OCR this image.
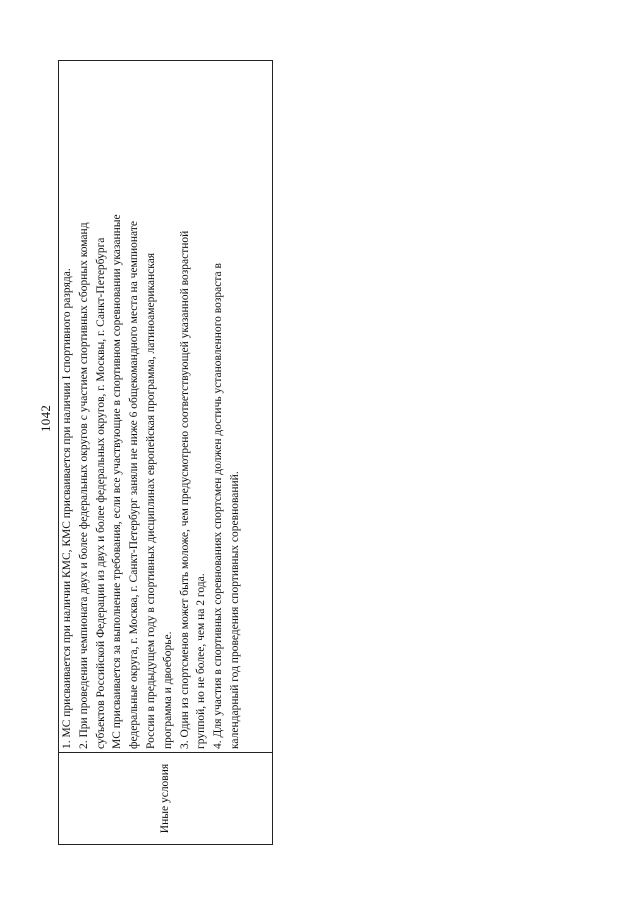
1042
Иные условия
1. МС присваивается при наличии КМС, КМС присваивается при наличии I спортивного разряда. 2. При проведении чемпионата двух и более федеральных округов с участием спортивных сборных команд субъектов Российской Федерации из двух и более федеральных округов, г. Москвы, г. Санкт-Петербурга МС присваивается за выполнение требования, если все участвующие в спортивном соревновании указанные федеральные округа, г. Москва, г. Санкт-Петербург заняли не ниже 6 общекомандного места на чемпионате России в предыдущем году в спортивных дисциплинах европейская программа, латиноамериканская программа и двоеборье. 3. Один из спортсменов может быть моложе, чем предусмотрено соответствующей указанной возрастной группой, но не более, чем на 2 года. 4. Для участия в спортивных соревнованиях спортсмен должен достичь установленного возраста в календарный год проведения спортивных соревнований.
